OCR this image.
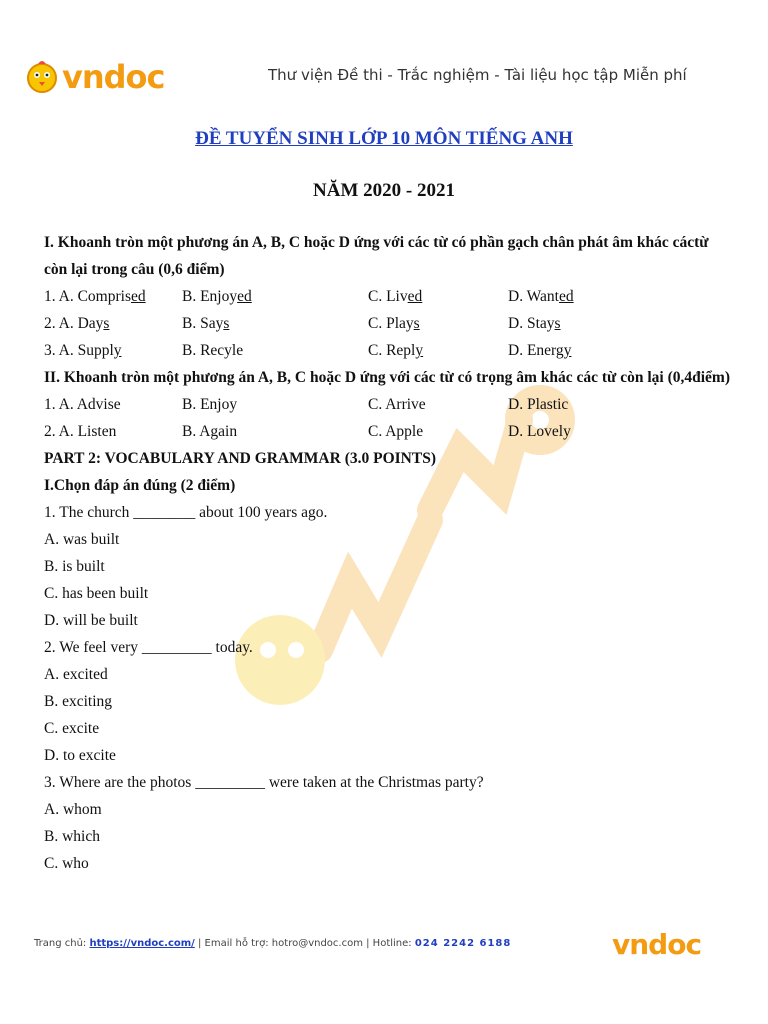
vndoc	Thư viện Đề thi - Trắc nghiệm - Tài liệu học tập Miễn phí
ĐỀ TUYỂN SINH LỚP 10 MÔN TIẾNG ANH
NĂM 2020 - 2021
I. Khoanh tròn một phương án A, B, C hoặc D ứng với các từ có phần gạch chân phát âm khác cáctừ còn lại trong câu (0,6 điểm)
1. A. Comprised B. Enjoyed	C. Lived	D. Wanted
2. A. Days	B. Says	C. Plays	D. Stays
3. A. Supply	B. Recyle	C. Reply	D. Energy
II. Khoanh tròn một phương án A, B, C hoặc D ứng với các từ có trọng âm khác các từ còn lại (0,4điểm)
1. A. Advise	B. Enjoy	C. Arrive	D. Plastic
2. A. Listen	B. Again	C. Apple	D. Lovely
PART 2: VOCABULARY AND GRAMMAR (3.0 POINTS)
I.Chọn đáp án đúng (2 điểm)
1. The church ________ about 100 years ago.
A. was built
B. is built
C. has been built
D. will be built
2. We feel very _________ today.
A. excited
B. exciting
C. excite
D. to excite
3. Where are the photos _________ were taken at the Christmas party?
A. whom
B. which
C. who
Trang chủ: https://vndoc.com/ | Email hỗ trợ: hotro@vndoc.com | Hotline: 024 2242 6188	vndoc
